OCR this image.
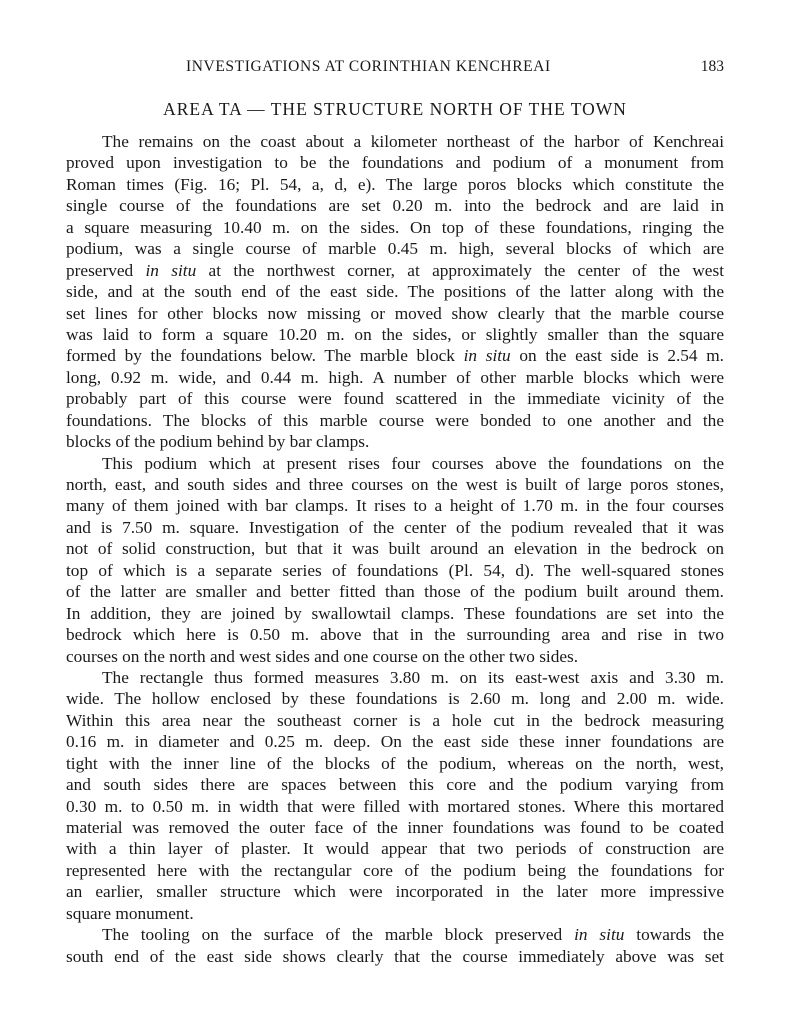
INVESTIGATIONS AT CORINTHIAN KENCHREAI	183
AREA TA — THE STRUCTURE NORTH OF THE TOWN
The remains on the coast about a kilometer northeast of the harbor of Kenchreai
proved upon investigation to be the foundations and podium of a monument from
Roman times (Fig. 16; Pl. 54, a, d, e). The large poros blocks which constitute the
single course of the foundations are set 0.20 m. into the bedrock and are laid in
a square measuring 10.40 m. on the sides. On top of these foundations, ringing the
podium, was a single course of marble 0.45 m. high, several blocks of which are
preserved in situ at the northwest corner, at approximately the center of the west
side, and at the south end of the east side. The positions of the latter along with the
set lines for other blocks now missing or moved show clearly that the marble course
was laid to form a square 10.20 m. on the sides, or slightly smaller than the square
formed by the foundations below. The marble block in situ on the east side is 2.54 m.
long, 0.92 m. wide, and 0.44 m. high. A number of other marble blocks which were
probably part of this course were found scattered in the immediate vicinity of the
foundations. The blocks of this marble course were bonded to one another and the
blocks of the podium behind by bar clamps.
This podium which at present rises four courses above the foundations on the
north, east, and south sides and three courses on the west is built of large poros stones,
many of them joined with bar clamps. It rises to a height of 1.70 m. in the four courses
and is 7.50 m. square. Investigation of the center of the podium revealed that it was
not of solid construction, but that it was built around an elevation in the bedrock on
top of which is a separate series of foundations (Pl. 54, d). The well-squared stones
of the latter are smaller and better fitted than those of the podium built around them.
In addition, they are joined by swallowtail clamps. These foundations are set into the
bedrock which here is 0.50 m. above that in the surrounding area and rise in two
courses on the north and west sides and one course on the other two sides.
The rectangle thus formed measures 3.80 m. on its east-west axis and 3.30 m.
wide. The hollow enclosed by these foundations is 2.60 m. long and 2.00 m. wide.
Within this area near the southeast corner is a hole cut in the bedrock measuring
0.16 m. in diameter and 0.25 m. deep. On the east side these inner foundations are
tight with the inner line of the blocks of the podium, whereas on the north, west,
and south sides there are spaces between this core and the podium varying from
0.30 m. to 0.50 m. in width that were filled with mortared stones. Where this mortared
material was removed the outer face of the inner foundations was found to be coated
with a thin layer of plaster. It would appear that two periods of construction are
represented here with the rectangular core of the podium being the foundations for
an earlier, smaller structure which were incorporated in the later more impressive
square monument.
The tooling on the surface of the marble block preserved in situ towards the
south end of the east side shows clearly that the course immediately above was set
